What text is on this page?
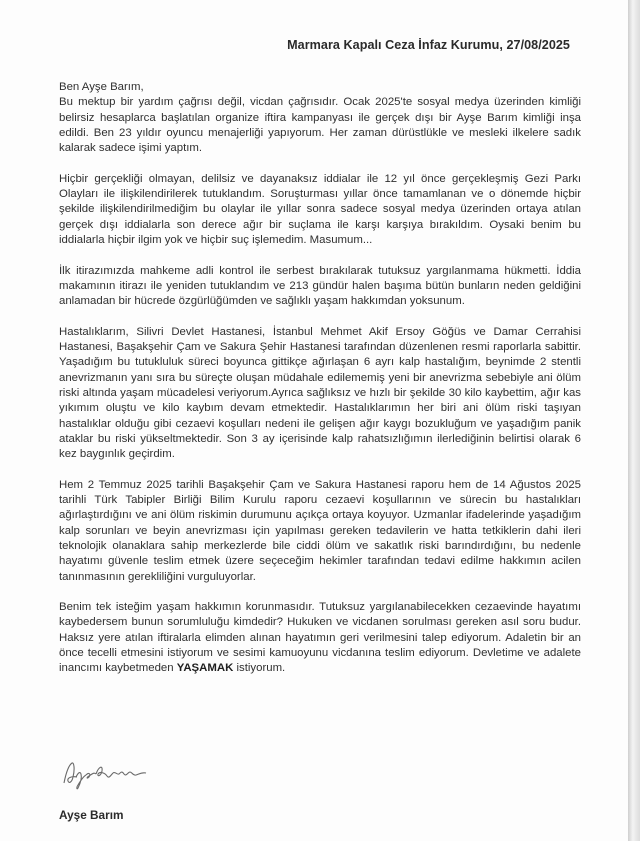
Marmara Kapalı Ceza İnfaz Kurumu, 27/08/2025

Ben Ayşe Barım,

Bu mektup bir yardım çağrısı değil, vicdan çağrısıdır. Ocak 2025'te sosyal medya üzerinden kimliği belirsiz hesaplarca başlatılan organize iftira kampanyası ile gerçek dışı bir Ayşe Barım kimliği inşa edildi. Ben 23 yıldır oyuncu menajerliği yapıyorum. Her zaman dürüstlükle ve mesleki ilkelere sadık kalarak sadece işimi yaptım.

Hiçbir gerçekliği olmayan, delilsiz ve dayanaksız iddialar ile 12 yıl önce gerçekleşmiş Gezi Parkı Olayları ile ilişkilendirilerek tutuklandım. Soruşturması yıllar önce tamamlanan ve o dönemde hiçbir şekilde ilişkilendirilmediğim bu olaylar ile yıllar sonra sadece sosyal medya üzerinden ortaya atılan gerçek dışı iddialarla son derece ağır bir suçlama ile karşı karşıya bırakıldım. Oysaki benim bu iddialarla hiçbir ilgim yok ve hiçbir suç işlemedim. Masumum...

İlk itirazımızda mahkeme adli kontrol ile serbest bırakılarak tutuksuz yargılanmama hükmetti. İddia makamının itirazı ile yeniden tutuklandım ve 213 gündür halen başıma bütün bunların neden geldiğini anlamadan bir hücrede özgürlüğümden ve sağlıklı yaşam hakkımdan yoksunum.

Hastalıklarım, Silivri Devlet Hastanesi, İstanbul Mehmet Akif Ersoy Göğüs ve Damar Cerrahisi Hastanesi, Başakşehir Çam ve Sakura Şehir Hastanesi tarafından düzenlenen resmi raporlarla sabittir. Yaşadığım bu tutukluluk süreci boyunca gittikçe ağırlaşan 6 ayrı kalp hastalığım, beynimde 2 stentli anevrizmanın yanı sıra bu süreçte oluşan müdahale edilememiş yeni bir anevrizma sebebiyle ani ölüm riski altında yaşam mücadelesi veriyorum.Ayrıca sağlıksız ve hızlı bir şekilde 30 kilo kaybettim, ağır kas yıkımım oluştu ve kilo kaybım devam etmektedir. Hastalıklarımın her biri ani ölüm riski taşıyan hastalıklar olduğu gibi cezaevi koşulları nedeni ile gelişen ağır kaygı bozukluğum ve yaşadığım panik ataklar bu riski yükseltmektedir. Son 3 ay içerisinde kalp rahatsızlığımın ilerlediğinin belirtisi olarak 6 kez baygınlık geçirdim.

Hem 2 Temmuz 2025 tarihli Başakşehir Çam ve Sakura Hastanesi raporu hem de 14 Ağustos 2025 tarihli Türk Tabipler Birliği Bilim Kurulu raporu cezaevi koşullarının ve sürecin bu hastalıkları ağırlaştırdığını ve ani ölüm riskimin durumunu açıkça ortaya koyuyor. Uzmanlar ifadelerinde yaşadığım kalp sorunları ve beyin anevrizması için yapılması gereken tedavilerin ve hatta tetkiklerin dahi ileri teknolojik olanaklara sahip merkezlerde bile ciddi ölüm ve sakatlık riski barındırdığını, bu nedenle hayatımı güvenle teslim etmek üzere seçeceğim hekimler tarafından tedavi edilme hakkımın acilen tanınmasının gerekliliğini vurguluyorlar.

Benim tek isteğim yaşam hakkımın korunmasıdır. Tutuksuz yargılanabilecekken cezaevinde hayatımı kaybedersem bunun sorumluluğu kimdedir? Hukuken ve vicdanen sorulması gereken asıl soru budur. Haksız yere atılan iftiralarla elimden alınan hayatımın geri verilmesini talep ediyorum. Adaletin bir an önce tecelli etmesini istiyorum ve sesimi kamuoyunu vicdanına teslim ediyorum. Devletime ve adalete inancımı kaybetmeden YAŞAMAK istiyorum.

Ayşe Barım
